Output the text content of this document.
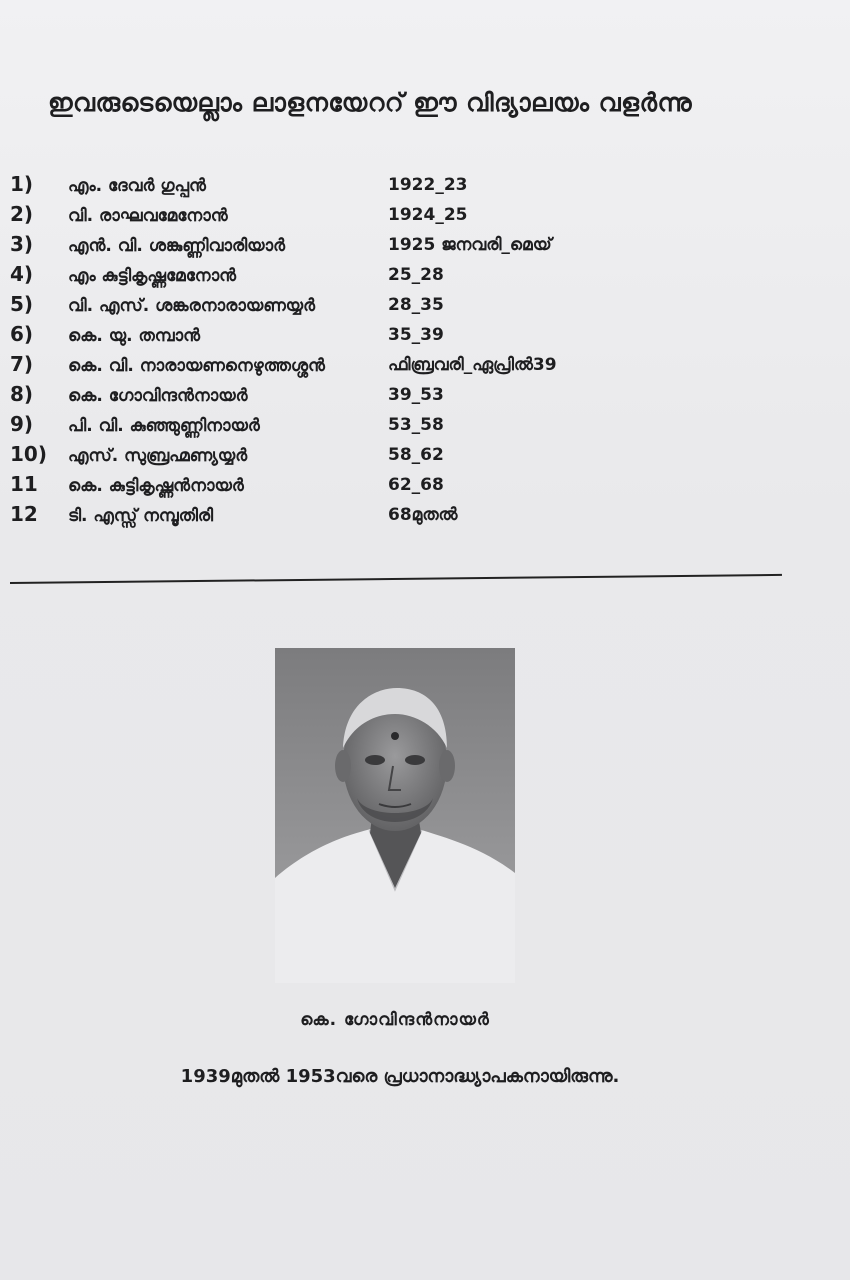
ഇവരുടെയെല്ലാം ലാളനയേററ് ഈ വിദ്യാലയം വളർന്നു
1)	എം. ദേവർ ഗുപ്പൻ	1922_23
2)	വി. രാഘവമേനോൻ	1924_25
3)	എൻ. വി. ശങ്കുണ്ണിവാരിയാർ	1925 ജനവരി_മെയ്
4)	എം കുട്ടികൃഷ്ണമേനോൻ	25_28
5)	വി. എസ്. ശങ്കരനാരായണയ്യർ	28_35
6)	കെ. യു. തമ്പാൻ	35_39
7)	കെ. വി. നാരായണനെഴുത്തശ്ശൻ	ഫിബ്രവരി_ഏപ്രിൽ39
8)	കെ. ഗോവിന്ദൻനായർ	39_53
9)	പി. വി. കുഞ്ഞുണ്ണിനായർ	53_58
10)	എസ്. സുബ്രഹ്മണ്യയ്യർ	58_62
11	കെ. കുട്ടികൃഷ്ണൻനായർ	62_68
12	ടി. എസ്സ് നമ്പൂതിരി	68മുതൽ
കെ. ഗോവിന്ദൻനായർ
1939മുതൽ 1953വരെ പ്രധാനാദ്ധ്യാപകനായിരുന്നു.
